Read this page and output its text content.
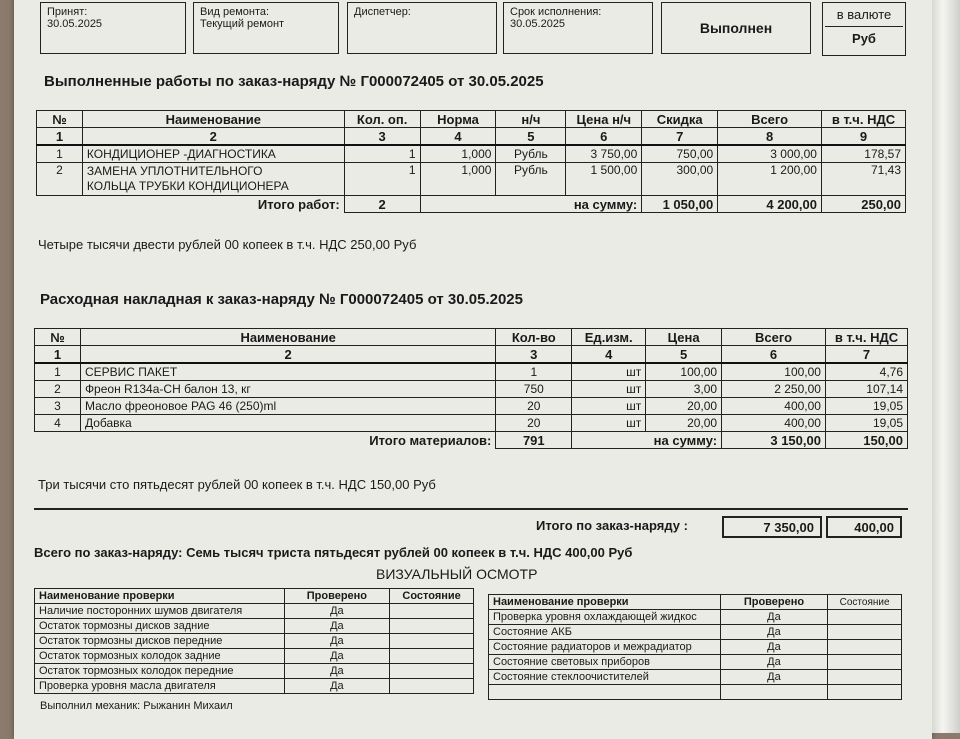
Принят:
30.05.2025
Вид ремонта:
Текущий ремонт
Диспетчер:	Срок исполнения:
30.05.2025	Выполнен
в валюте
Руб
Выполненные работы по заказ-наряду № Г000072405 от 30.05.2025
№	Наименование	Кол. оп.	Норма	н/ч	Цена н/ч	Скидка	Всего	в т.ч. НДС
1	2	3	4	5	6	7	8	9
1	КОНДИЦИОНЕР -ДИАГНОСТИКА	1	1,000	Рубль	3 750,00	750,00	3 000,00	178,57
2	ЗАМЕНА УПЛОТНИТЕЛЬНОГО
КОЛЬЦА ТРУБКИ КОНДИЦИОНЕРА	1	1,000	Рубль	1 500,00	300,00	1 200,00	71,43
Итого работ:		2	на сумму:			1 050,00	4 200,00	250,00
Четыре тысячи двести рублей 00 копеек в т.ч. НДС 250,00 Руб
Расходная накладная к заказ-наряду № Г000072405 от 30.05.2025
№	Наименование	Кол-во	Ед.изм.	Цена	Всего	в т.ч. НДС
1	2	3	4	5	6	7
1	СЕРВИС ПАКЕТ	1	шт	100,00	100,00	4,76
2	Фреон R134a-CH балон 13, кг	750	шт	3,00	2 250,00	107,14
3	Масло фреоновое PAG 46 (250)ml	20	шт	20,00	400,00	19,05
4	Добавка	20	шт	20,00	400,00	19,05
Итого материалов:		791	на сумму:		3 150,00	150,00
Три тысячи сто пятьдесят рублей 00 копеек в т.ч. НДС 150,00 Руб
Итого по заказ-наряду :	7 350,00	400,00
Всего по заказ-наряду: Семь тысяч триста пятьдесят рублей 00 копеек в т.ч. НДС 400,00 Руб
ВИЗУАЛЬНЫЙ ОСМОТР
Наименование проверки	Проверено	Состояние
Наличие посторонних шумов двигателя	Да	
Остаток тормозны дисков задние	Да	
Остаток тормозны дисков передние	Да	
Остаток тормозных колодок задние	Да	
Остаток тормозных колодок передние	Да	
Проверка уровня масла двигателя	Да	
Наименование проверки	Проверено	Состояние
Проверка уровня охлаждающей жидкос	Да	
Состояние АКБ	Да	
Состояние радиаторов и межрадиатор	Да	
Состояние световых приборов	Да	
Состояние стеклоочистителей	Да	

Выполнил механик: Рыжанин Михаил
